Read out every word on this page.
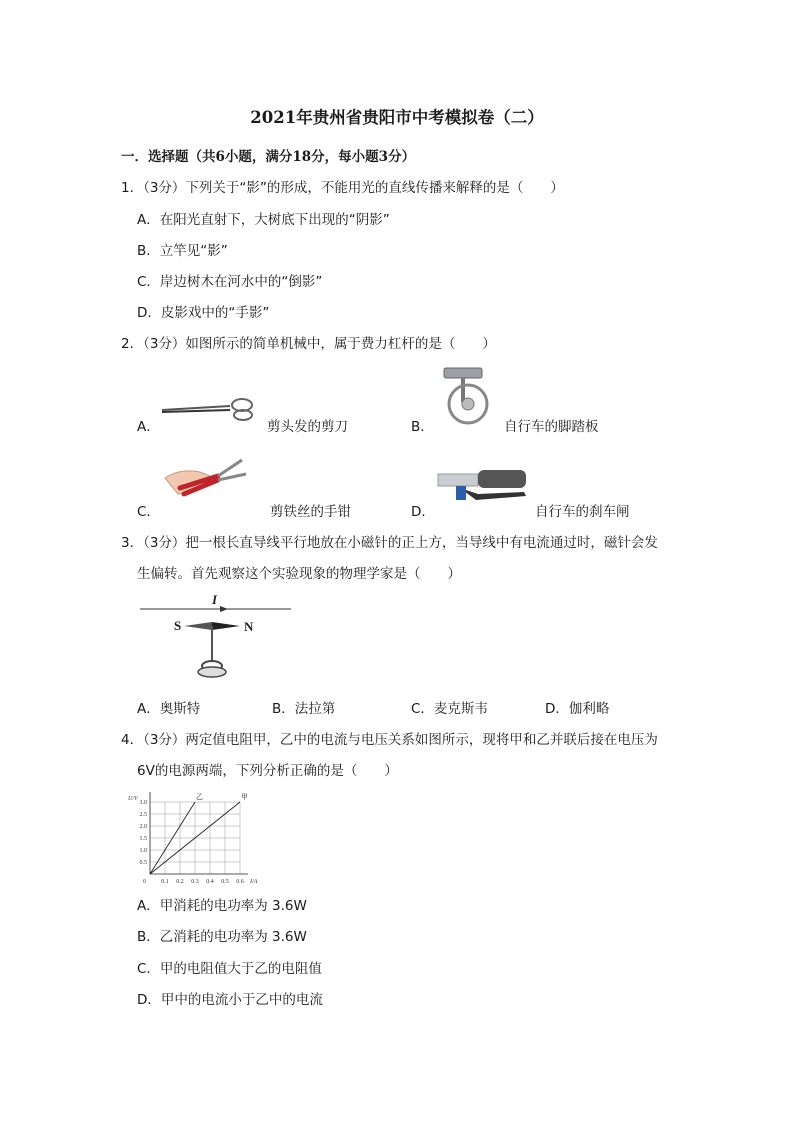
2021年贵州省贵阳市中考模拟卷（二）
一．选择题（共6小题，满分18分，每小题3分）
1．（3分）下列关于“影”的形成，不能用光的直线传播来解释的是（　　）
A．在阳光直射下，大树底下出现的“阴影”
B．立竿见“影”
C．岸边树木在河水中的“倒影”
D．皮影戏中的“手影”
2．（3分）如图所示的简单机械中，属于费力杠杆的是（　　）
A．	剪头发的剪刀	B．	自行车的脚踏板
C．	剪铁丝的手钳	D．	自行车的刹车闸
3．（3分）把一根长直导线平行地放在小磁针的正上方，当导线中有电流通过时，磁针会发
生偏转。首先观察这个实验现象的物理学家是（　　）
I
S	N
A．奥斯特	B．法拉第	C．麦克斯韦	D．伽利略
4．（3分）两定值电阻甲，乙中的电流与电压关系如图所示，现将甲和乙并联后接在电压为
6V的电源两端，下列分析正确的是（　　）
0.1 0.2 0.3 0.4 0.5 0.6
0.5
1.0
1.5
2.0
2.5
3.0
0	I/A
U/V	乙	甲
A．甲消耗的电功率为 3.6W
B．乙消耗的电功率为 3.6W
C．甲的电阻值大于乙的电阻值
D．甲中的电流小于乙中的电流
